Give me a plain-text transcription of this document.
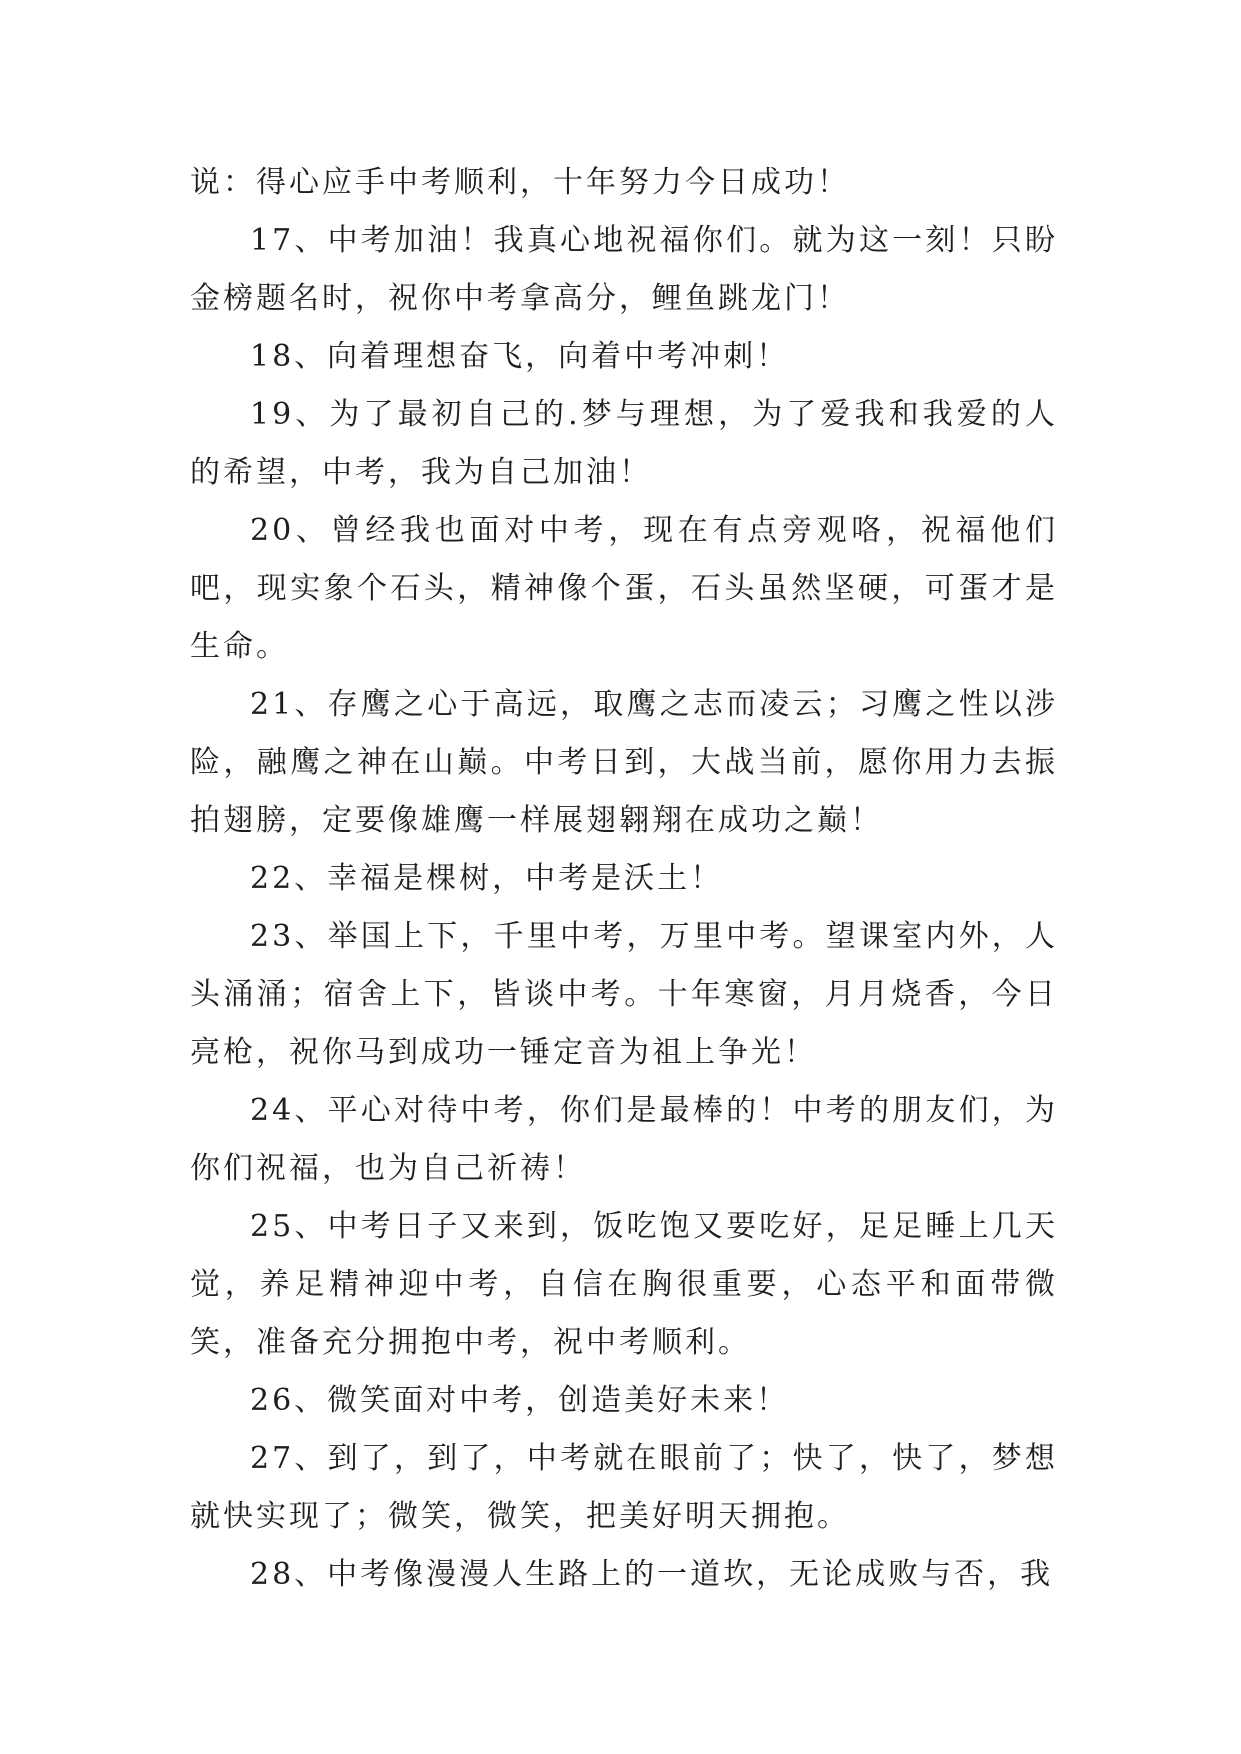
说：得心应手中考顺利，十年努力今日成功！

17、中考加油！我真心地祝福你们。就为这一刻！只盼金榜题名时，祝你中考拿高分，鲤鱼跳龙门！

18、向着理想奋飞，向着中考冲刺！

19、为了最初自己的.梦与理想，为了爱我和我爱的人的希望，中考，我为自己加油！

20、曾经我也面对中考，现在有点旁观咯，祝福他们吧，现实象个石头，精神像个蛋，石头虽然坚硬，可蛋才是生命。

21、存鹰之心于高远，取鹰之志而凌云；习鹰之性以涉险，融鹰之神在山巅。中考日到，大战当前，愿你用力去振拍翅膀，定要像雄鹰一样展翅翱翔在成功之巅！

22、幸福是棵树，中考是沃土！

23、举国上下，千里中考，万里中考。望课室内外，人头涌涌；宿舍上下，皆谈中考。十年寒窗，月月烧香，今日亮枪，祝你马到成功一锤定音为祖上争光！

24、平心对待中考，你们是最棒的！中考的朋友们，为你们祝福，也为自己祈祷！

25、中考日子又来到，饭吃饱又要吃好，足足睡上几天觉，养足精神迎中考，自信在胸很重要，心态平和面带微笑，准备充分拥抱中考，祝中考顺利。

26、微笑面对中考，创造美好未来！

27、到了，到了，中考就在眼前了；快了，快了，梦想就快实现了；微笑，微笑，把美好明天拥抱。

28、中考像漫漫人生路上的一道坎，无论成败与否，我
